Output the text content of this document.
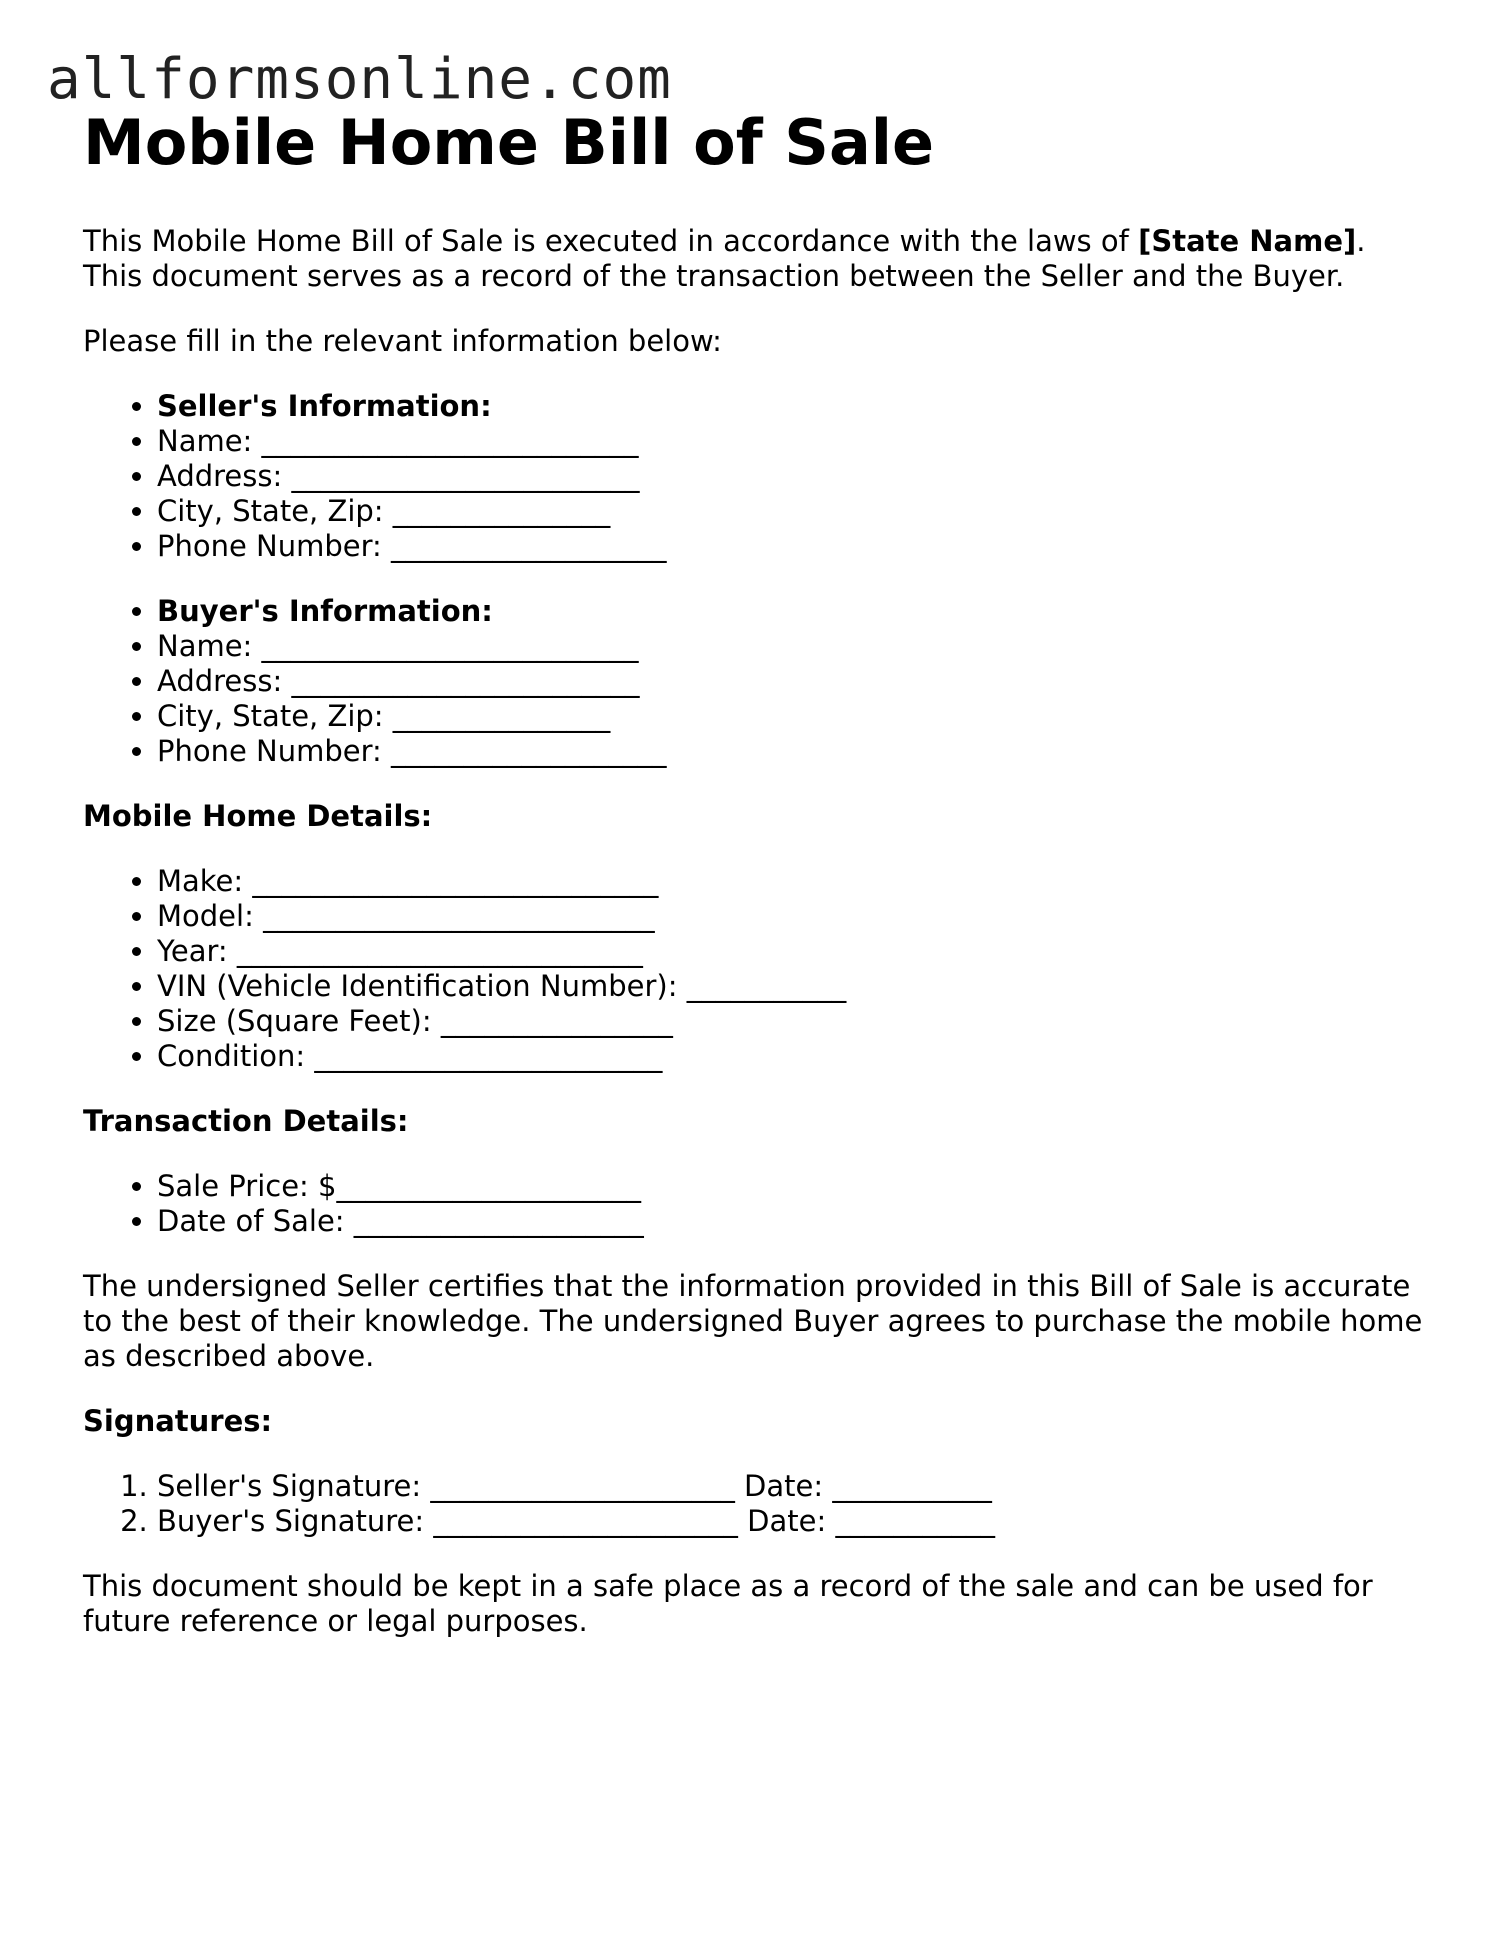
allformsonline.com
Mobile Home Bill of Sale

This Mobile Home Bill of Sale is executed in accordance with the laws of [State Name]. This document serves as a record of the transaction between the Seller and the Buyer.

Please fill in the relevant information below:

• Seller's Information:
• Name: __________________________
• Address: ________________________
• City, State, Zip: _______________
• Phone Number: ___________________
• Buyer's Information:
• Name: __________________________
• Address: ________________________
• City, State, Zip: _______________
• Phone Number: ___________________
Mobile Home Details:
• Make: ____________________________
• Model: ___________________________
• Year: ____________________________
• VIN (Vehicle Identification Number): ___________
• Size (Square Feet): ________________
• Condition: ________________________
Transaction Details:
• Sale Price: $_____________________
• Date of Sale: ____________________

The undersigned Seller certifies that the information provided in this Bill of Sale is accurate to the best of their knowledge. The undersigned Buyer agrees to purchase the mobile home as described above.

Signatures:
1. Seller's Signature: _____________________ Date: ___________
2. Buyer's Signature: _____________________ Date: ___________

This document should be kept in a safe place as a record of the sale and can be used for future reference or legal purposes.
